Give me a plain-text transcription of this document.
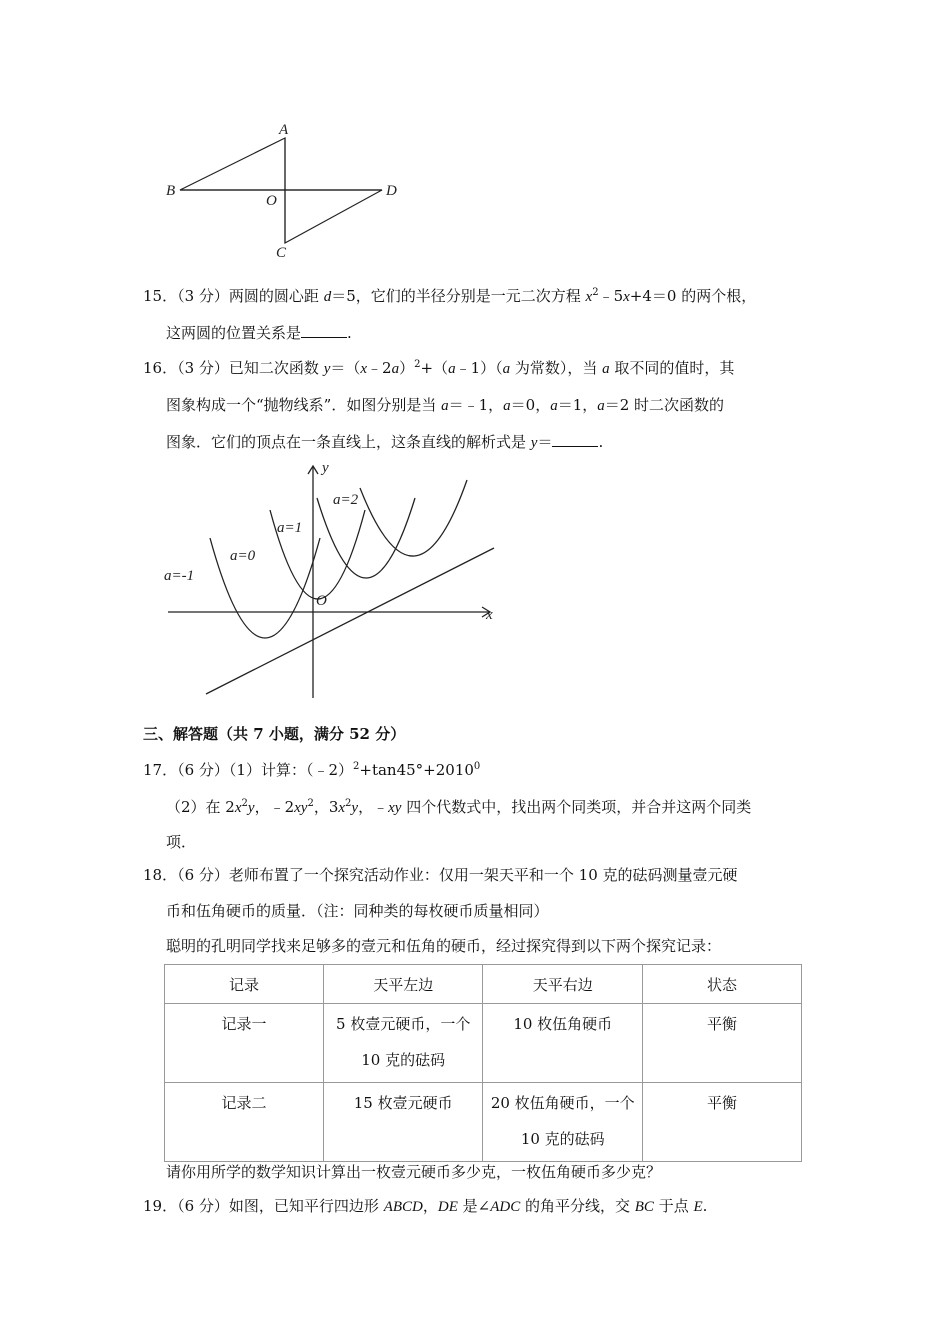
A
B
O
D
C
15．（3 分）两圆的圆心距 d＝5，它们的半径分别是一元二次方程 $x^2﹣5x+4=0$ 的两个根，
这两圆的位置关系是	.
16．（3 分）已知二次函数 y＝（x﹣2a）$^2$+（a﹣1）（a 为常数），当 a 取不同的值时，其
图象构成一个“抛物线系”．如图分别是当 a＝﹣1，a＝0，a＝1，a＝2 时二次函数的
图象．它们的顶点在一条直线上，这条直线的解析式是 y＝	.
a=-1
a=0
a=1
a=2
O
x
y
三、解答题（共 7 小题，满分 52 分）
17．（6 分）（1）计算：$(﹣2)^2+\tan 45^\circ+2010^0$
（2）在 $2x^2y$，$﹣2xy^2$，$3x^2y$，﹣xy 四个代数式中，找出两个同类项，并合并这两个同类
项．
18．（6 分）老师布置了一个探究活动作业：仅用一架天平和一个 10 克的砝码测量壹元硬
币和伍角硬币的质量．（注：同种类的每枚硬币质量相同）
聪明的孔明同学找来足够多的壹元和伍角的硬币，经过探究得到以下两个探究记录：
记录	天平左边	天平右边	状态
记录一	5 枚壹元硬币，一个
10 克的砝码	10 枚伍角硬币	平衡
记录二	15 枚壹元硬币	20 枚伍角硬币，一个
10 克的砝码	平衡
请你用所学的数学知识计算出一枚壹元硬币多少克，一枚伍角硬币多少克？
19．（6 分）如图，已知平行四边形 ABCD，DE 是∠ADC 的角平分线，交 BC 于点 E.
